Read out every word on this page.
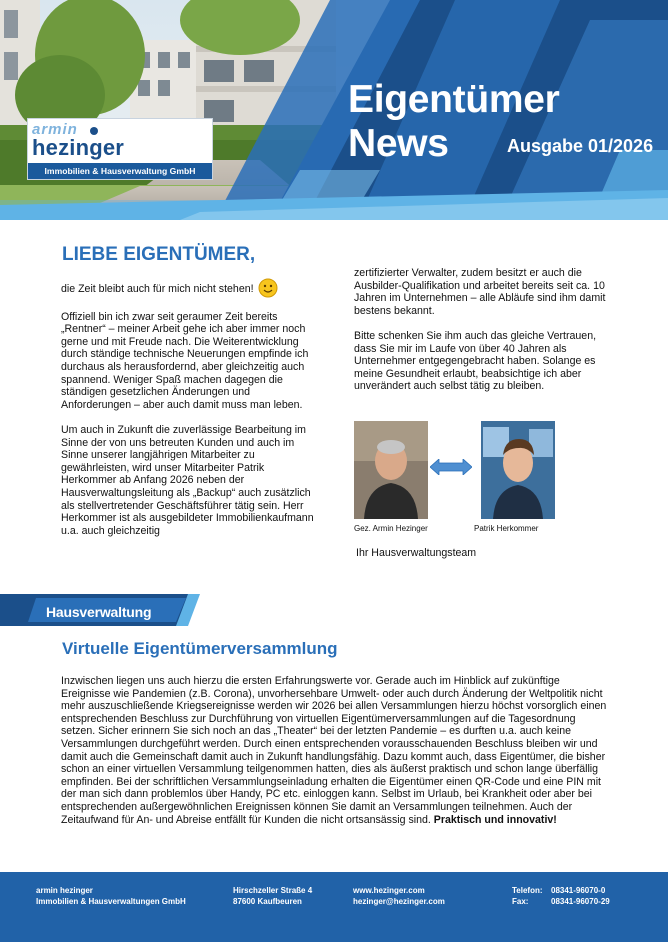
Eigentümer News	Ausgabe 01/2026
armin
hezinger
Immobilien & Hausverwaltung GmbH
LIEBE EIGENTÜMER,

die Zeit bleibt auch für mich nicht stehen!

Offiziell bin ich zwar seit geraumer Zeit bereits „Rentner“ – meiner Arbeit gehe ich aber immer noch gerne und mit Freude nach. Die Weiterentwicklung durch ständige technische Neuerungen empfinde ich durchaus als herausfordernd, aber gleichzeitig auch spannend. Weniger Spaß machen dagegen die ständigen gesetzlichen Änderungen und Anforderungen – aber auch damit muss man leben.

Um auch in Zukunft die zuverlässige Bearbeitung im Sinne der von uns betreuten Kunden und auch im Sinne unserer langjährigen Mitarbeiter zu gewährleisten, wird unser Mitarbeiter Patrik Herkommer ab Anfang 2026 neben der Hausverwaltungsleitung als „Backup“ auch zusätzlich als stellvertretender Geschäftsführer tätig sein. Herr Herkommer ist als ausgebildeter Immobilienkaufmann u.a. auch gleichzeitig

zertifizierter Verwalter, zudem besitzt er auch die Ausbilder-Qualifikation und arbeitet bereits seit ca. 10 Jahren im Unternehmen – alle Abläufe sind ihm damit bestens bekannt.

Bitte schenken Sie ihm auch das gleiche Vertrauen, dass Sie mir im Laufe von über 40 Jahren als Unternehmer entgegengebracht haben. Solange es meine Gesundheit erlaubt, beabsichtige ich aber unverändert auch selbst tätig zu bleiben.

Gez. Armin Hezinger	Patrik Herkommer
Ihr Hausverwaltungsteam
Hausverwaltung
Virtuelle Eigentümerversammlung
Inzwischen liegen uns auch hierzu die ersten Erfahrungswerte vor. Gerade auch im Hinblick auf zukünftige Ereignisse wie Pandemien (z.B. Corona), unvorhersehbare Umwelt- oder auch durch Änderung der Weltpolitik nicht mehr auszuschließende Kriegsereignisse werden wir 2026 bei allen Versammlungen hierzu höchst vorsorglich einen entsprechenden Beschluss zur Durchführung von virtuellen Eigentümerversammlungen auf die Tagesordnung setzen. Sicher erinnern Sie sich noch an das „Theater“ bei der letzten Pandemie – es durften u.a. auch keine Versammlungen durchgeführt werden. Durch einen entsprechenden vorausschauenden Beschluss bleiben wir und damit auch die Gemeinschaft damit auch in Zukunft handlungsfähig. Dazu kommt auch, dass Eigentümer, die bisher schon an einer virtuellen Versammlung teilgenommen hatten, dies als äußerst praktisch und schon lange überfällig empfinden. Bei der schriftlichen Versammlungseinladung erhalten die Eigentümer einen QR-Code und eine PIN mit der man sich dann problemlos über Handy, PC etc. einloggen kann. Selbst im Urlaub, bei Krankheit oder aber bei entsprechenden außergewöhnlichen Ereignissen können Sie damit an Versammlungen teilnehmen. Auch der Zeitaufwand für An- und Abreise entfällt für Kunden die nicht ortsansässig sind. Praktisch und innovativ!
armin hezinger
Immobilien & Hausverwaltungen GmbH
Hirschzeller Straße 4
87600 Kaufbeuren
www.hezinger.com
hezinger@hezinger.com
Telefon:
Fax:
08341-96070-0
08341-96070-29
